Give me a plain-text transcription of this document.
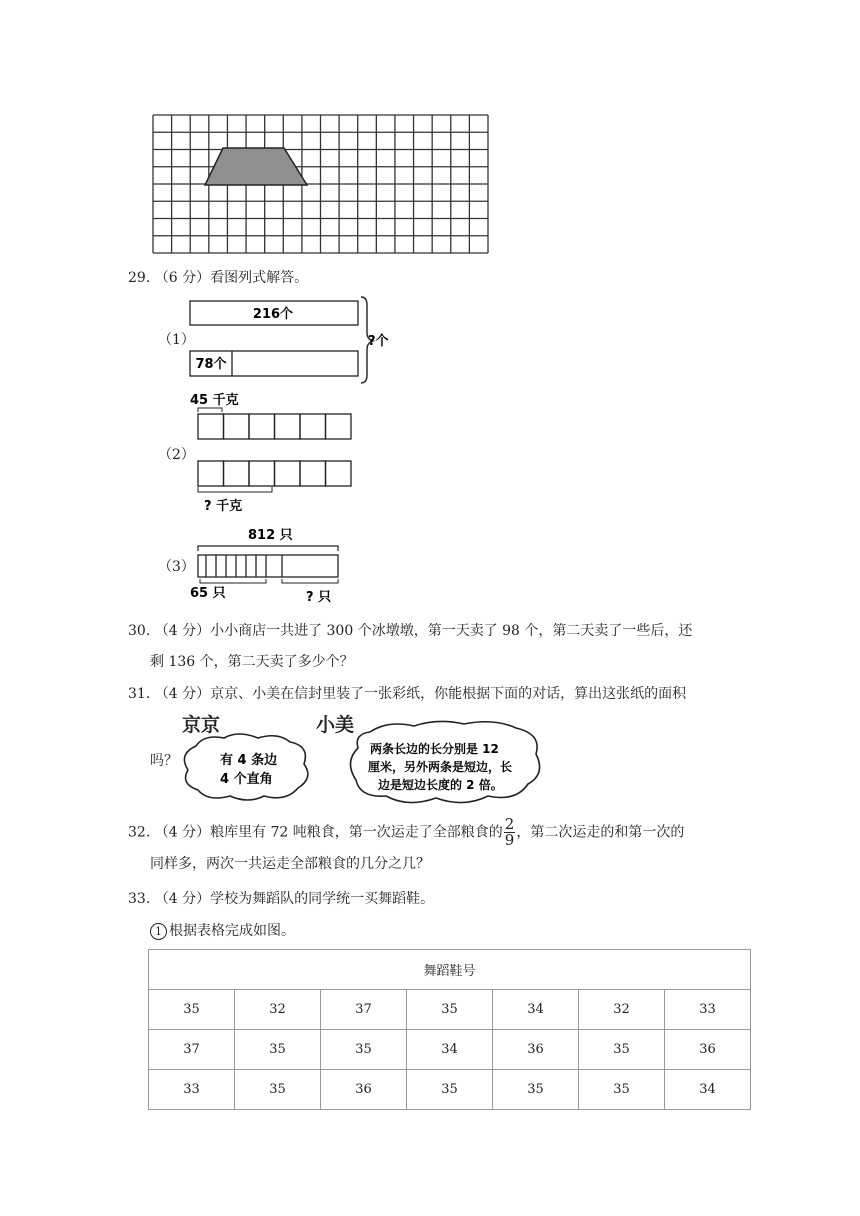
29. （6 分）看图列式解答。
（1）
216个
78个
?个
（2）
45 千克
? 千克
（3）
812 只
65 只	? 只
30. （4 分）小小商店一共进了 300 个冰墩墩，第一天卖了 98 个，第二天卖了一些后，还
剩 136 个，第二天卖了多少个？
31. （4 分）京京、小美在信封里装了一张彩纸，你能根据下面的对话，算出这张纸的面积
吗？
京京	小美
有 4 条边
4 个直角
两条长边的长分别是 12
厘米，另外两条是短边，长
边是短边长度的 2 倍。
32. （4 分）粮库里有 72 吨粮食，第一次运走了全部粮食的 $\frac{2}{9}$ ，第二次运走的和第一次的
同样多，两次一共运走全部粮食的几分之几？
33. （4 分）学校为舞蹈队的同学统一买舞蹈鞋。
1 根据表格完成如图。
舞蹈鞋号						
35	32	37	35	34	32	33
37	35	35	34	36	35	36
33	35	36	35	35	35	34
